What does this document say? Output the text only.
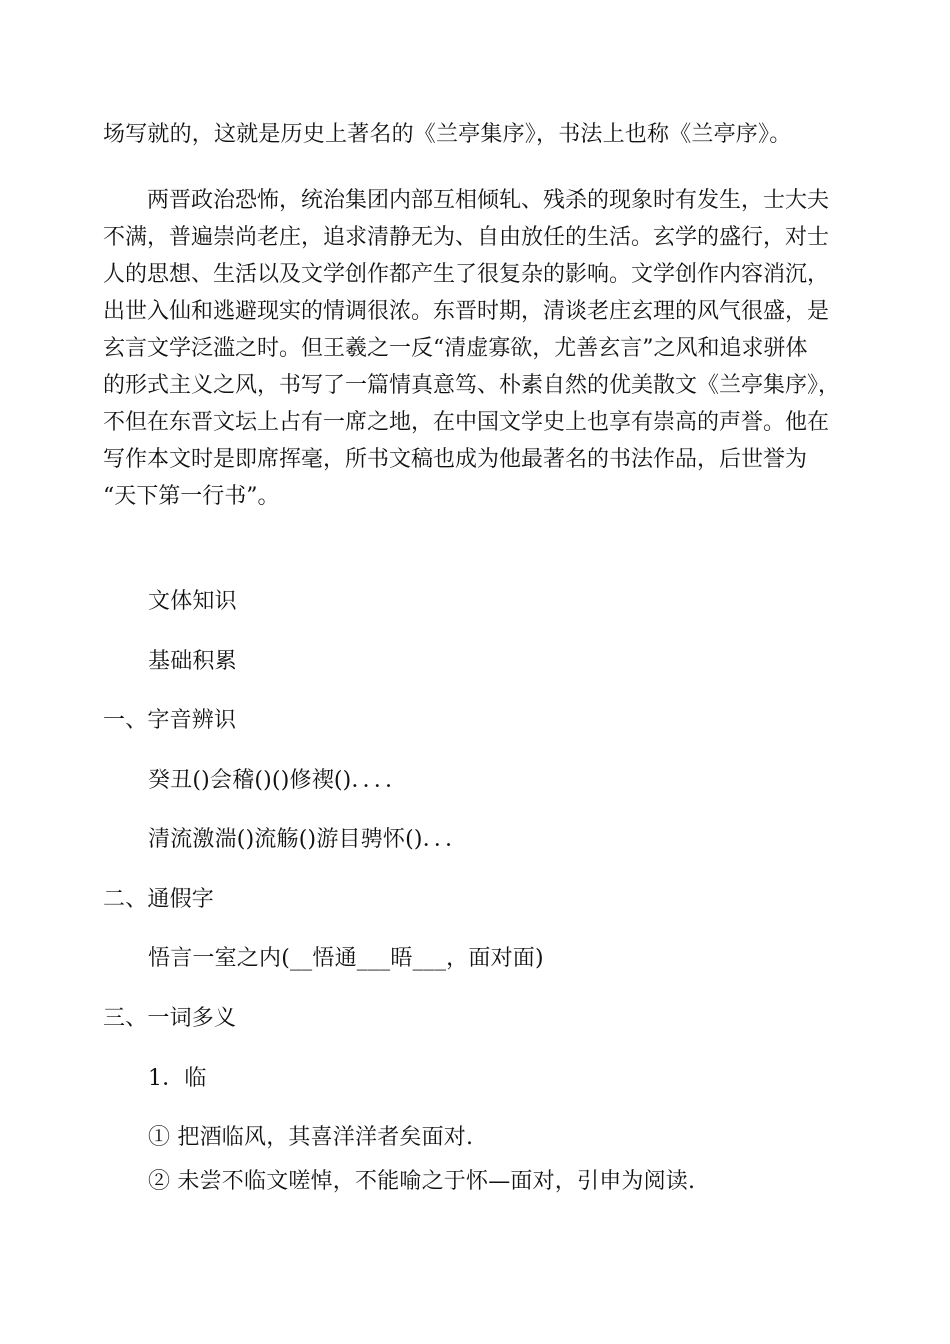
场写就的，这就是历史上著名的《兰亭集序》，书法上也称《兰亭序》。
　　两晋政治恐怖，统治集团内部互相倾轧、残杀的现象时有发生，士大夫
不满，普遍崇尚老庄，追求清静无为、自由放任的生活。玄学的盛行，对士
人的思想、生活以及文学创作都产生了很复杂的影响。文学创作内容消沉，
出世入仙和逃避现实的情调很浓。东晋时期，清谈老庄玄理的风气很盛，是
玄言文学泛滥之时。但王羲之一反“清虚寡欲，尤善玄言”之风和追求骈体
的形式主义之风，书写了一篇情真意笃、朴素自然的优美散文《兰亭集序》，
不但在东晋文坛上占有一席之地，在中国文学史上也享有崇高的声誉。他在
写作本文时是即席挥毫，所书文稿也成为他最著名的书法作品，后世誉为
“天下第一行书”。
文体知识
基础积累
一、字音辨识
癸丑()会稽()()修禊()．．．．
清流激湍()流觞()游目骋怀()．．．
二、通假字
悟言一室之内(__悟通___晤___，面对面)
三、一词多义
1．临
① 把酒临风，其喜洋洋者矣面对.
② 未尝不临文嗟悼，不能喻之于怀—面对，引申为阅读.
